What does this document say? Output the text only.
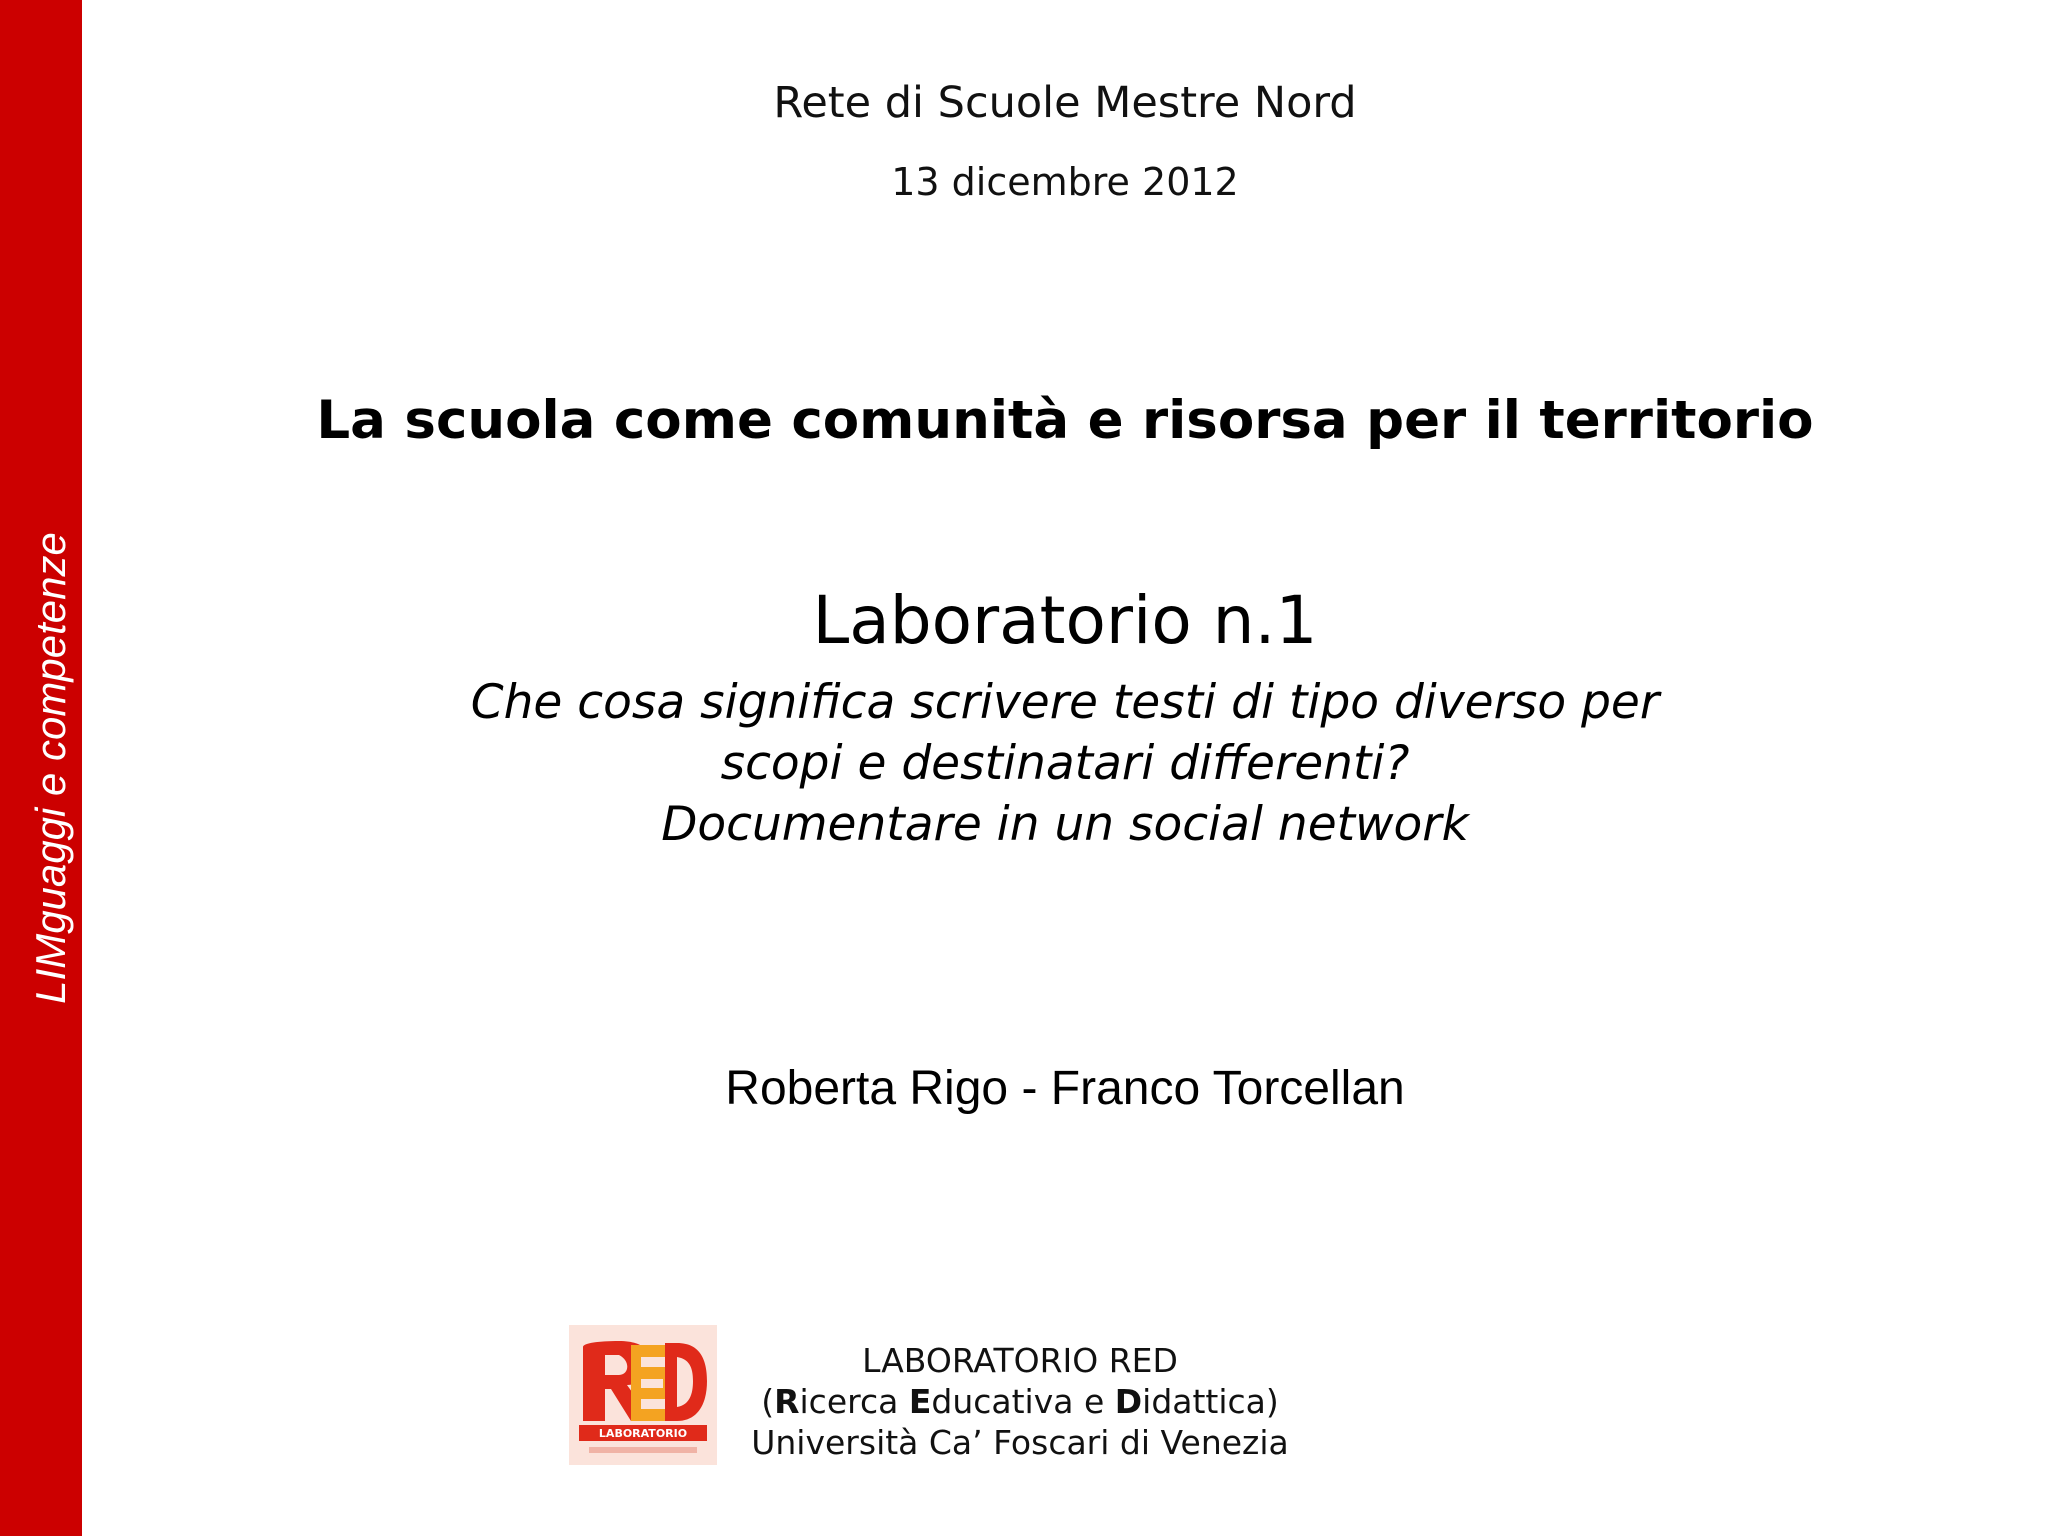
LIMguaggi e competenze
Rete di Scuole Mestre Nord
13 dicembre 2012
La scuola come comunità e risorsa per il territorio
Laboratorio n.1
Che cosa significa scrivere testi di tipo diverso per
scopi e destinatari differenti?
Documentare in un social network
Roberta Rigo - Franco Torcellan
LABORATORIO
LABORATORIO RED
(Ricerca Educativa e Didattica)
Università Ca’ Foscari di Venezia
